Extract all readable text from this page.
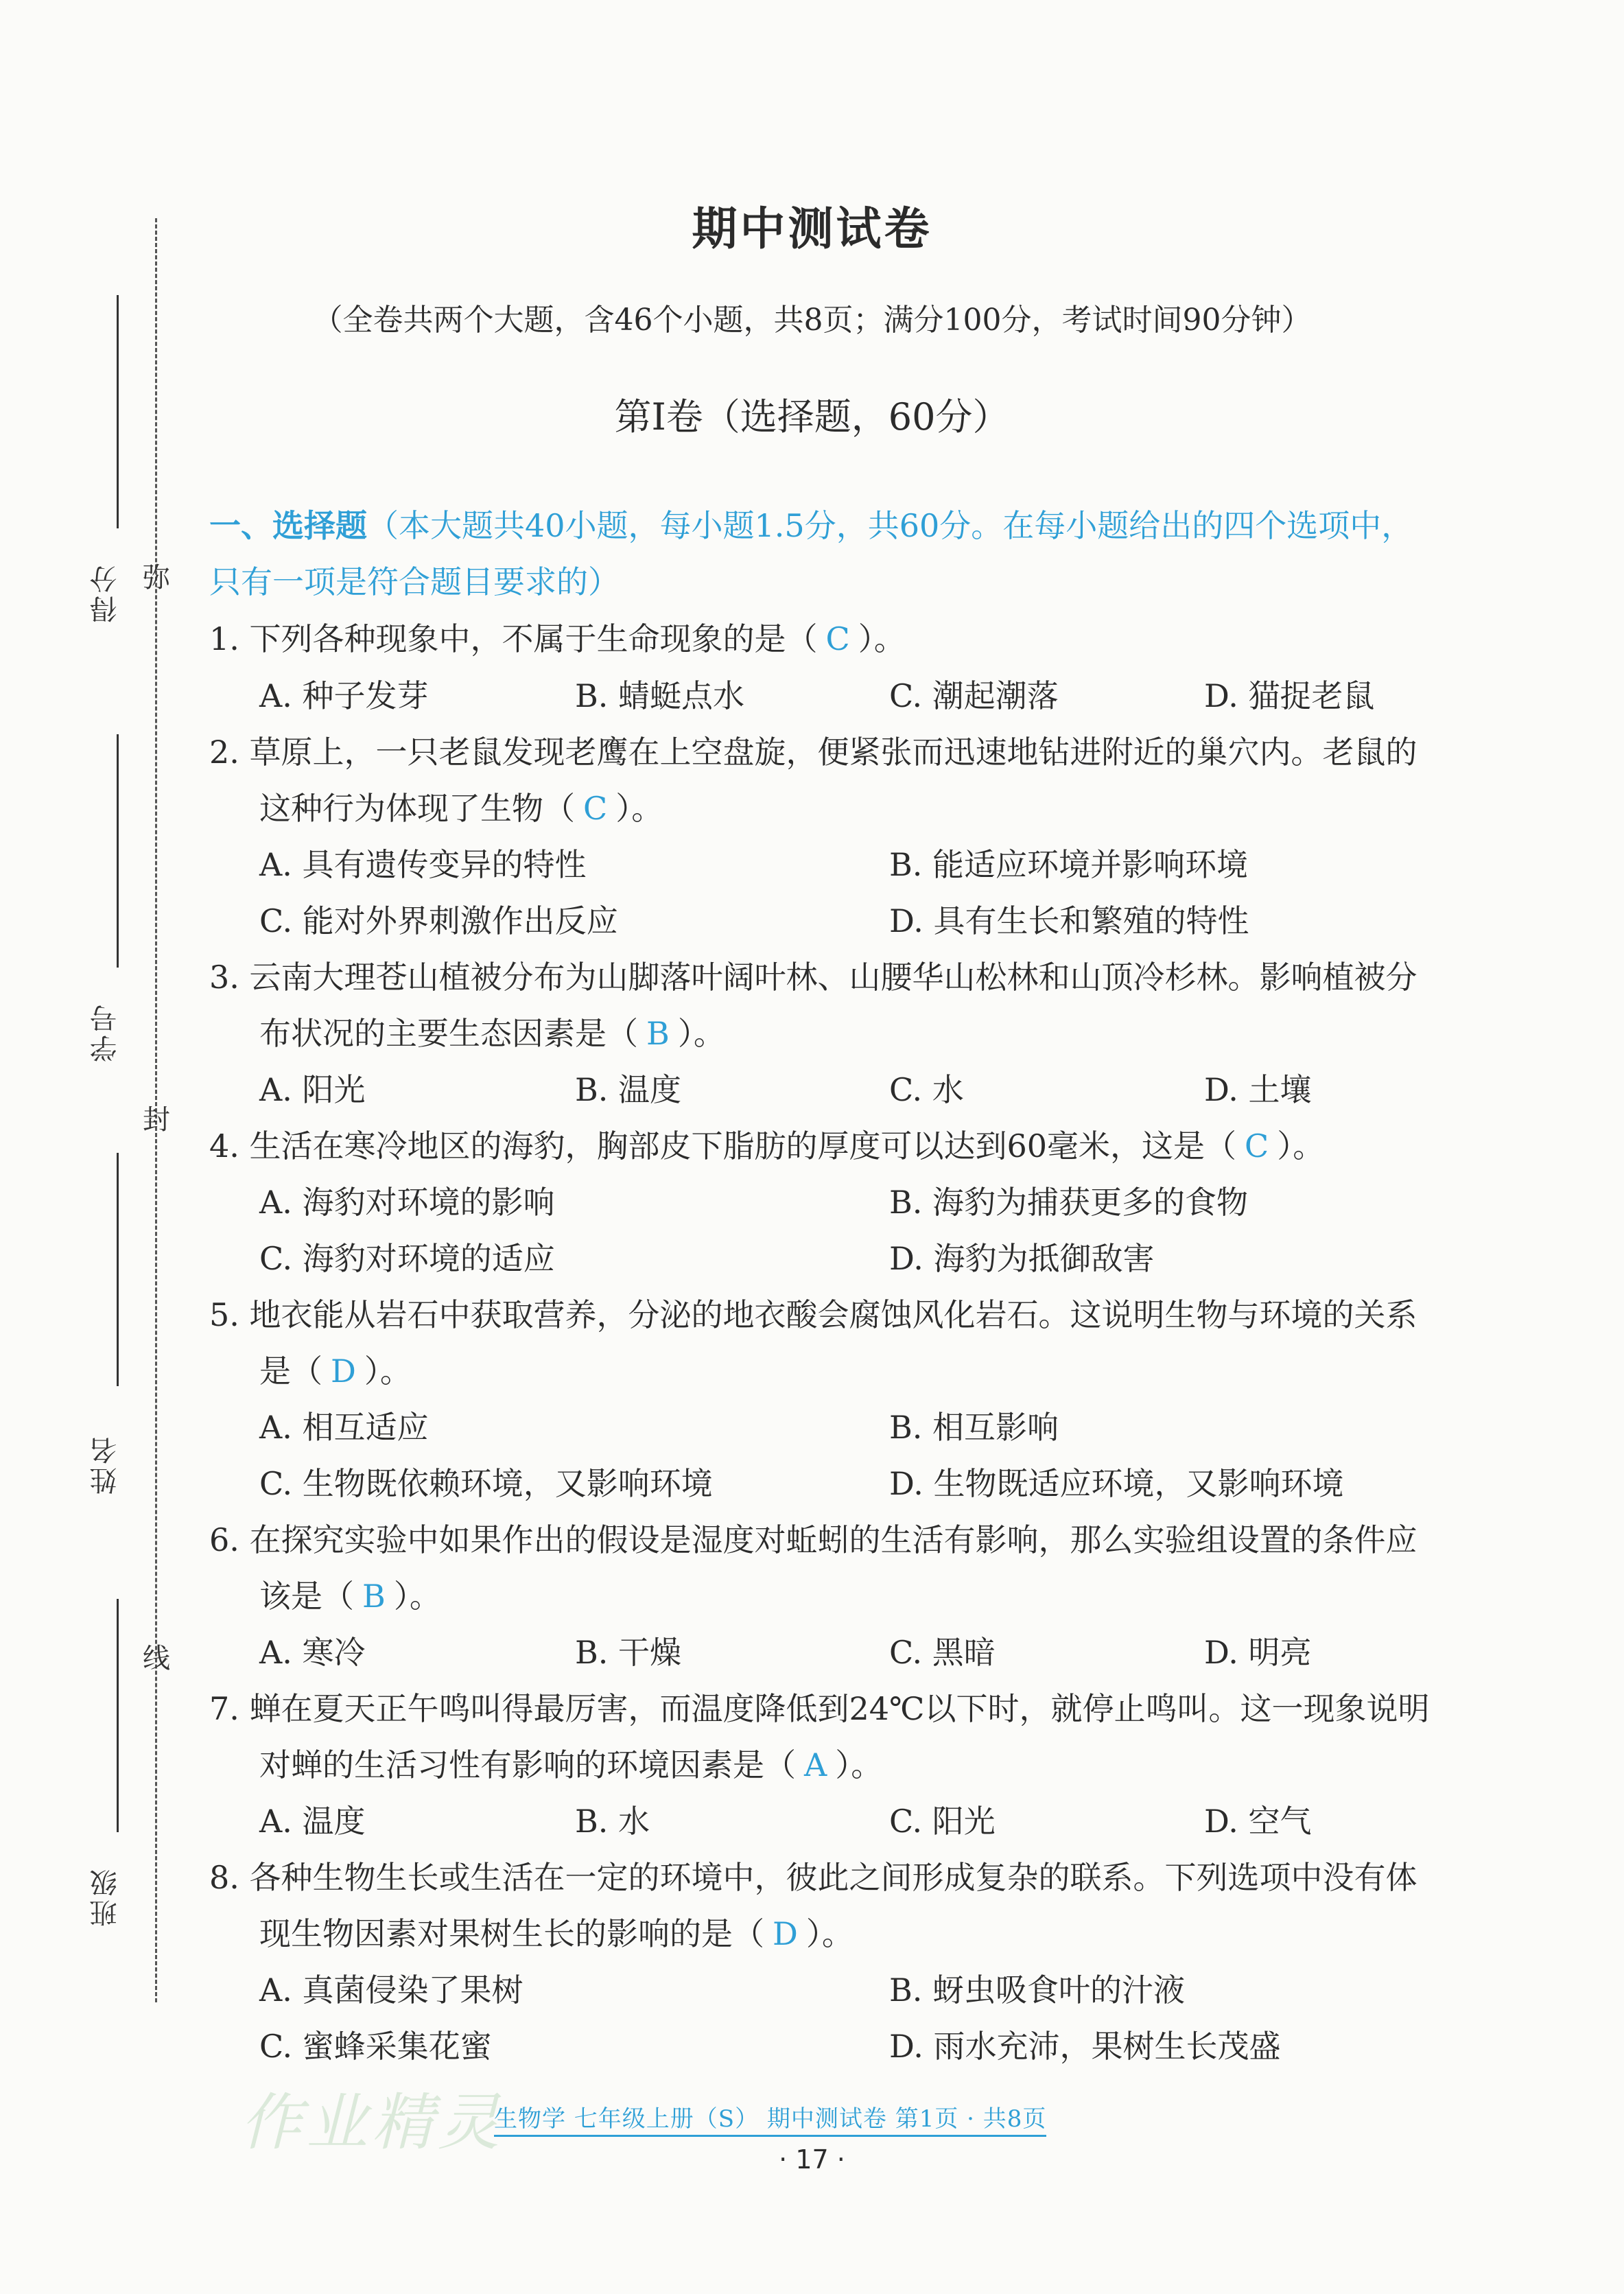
得分
学号
姓名
班级
弥
封
线
期中测试卷
（全卷共两个大题，含46个小题，共8页；满分100分，考试时间90分钟）
第Ⅰ卷（选择题，60分）
一、选择题（本大题共40小题，每小题1.5分，共60分。在每小题给出的四个选项中，
只有一项是符合题目要求的）
1. 下列各种现象中，不属于生命现象的是（ C ）。
A. 种子发芽	B. 蜻蜓点水	C. 潮起潮落	D. 猫捉老鼠
2. 草原上，一只老鼠发现老鹰在上空盘旋，便紧张而迅速地钻进附近的巢穴内。老鼠的
这种行为体现了生物（ C ）。
A. 具有遗传变异的特性	B. 能适应环境并影响环境
C. 能对外界刺激作出反应	D. 具有生长和繁殖的特性
3. 云南大理苍山植被分布为山脚落叶阔叶林、山腰华山松林和山顶冷杉林。影响植被分
布状况的主要生态因素是（ B ）。
A. 阳光	B. 温度	C. 水	D. 土壤
4. 生活在寒冷地区的海豹，胸部皮下脂肪的厚度可以达到60毫米，这是（ C ）。
A. 海豹对环境的影响	B. 海豹为捕获更多的食物
C. 海豹对环境的适应	D. 海豹为抵御敌害
5. 地衣能从岩石中获取营养，分泌的地衣酸会腐蚀风化岩石。这说明生物与环境的关系
是（ D ）。
A. 相互适应	B. 相互影响
C. 生物既依赖环境，又影响环境	D. 生物既适应环境，又影响环境
6. 在探究实验中如果作出的假设是湿度对蚯蚓的生活有影响，那么实验组设置的条件应
该是（ B ）。
A. 寒冷	B. 干燥	C. 黑暗	D. 明亮
7. 蝉在夏天正午鸣叫得最厉害，而温度降低到24℃以下时，就停止鸣叫。这一现象说明
对蝉的生活习性有影响的环境因素是（ A ）。
A. 温度	B. 水	C. 阳光	D. 空气
8. 各种生物生长或生活在一定的环境中，彼此之间形成复杂的联系。下列选项中没有体
现生物因素对果树生长的影响的是（ D ）。
A. 真菌侵染了果树	B. 蚜虫吸食叶的汁液
C. 蜜蜂采集花蜜	D. 雨水充沛，果树生长茂盛
作业精灵
生物学 七年级上册（S） 期中测试卷 第1页 · 共8页
· 17 ·
